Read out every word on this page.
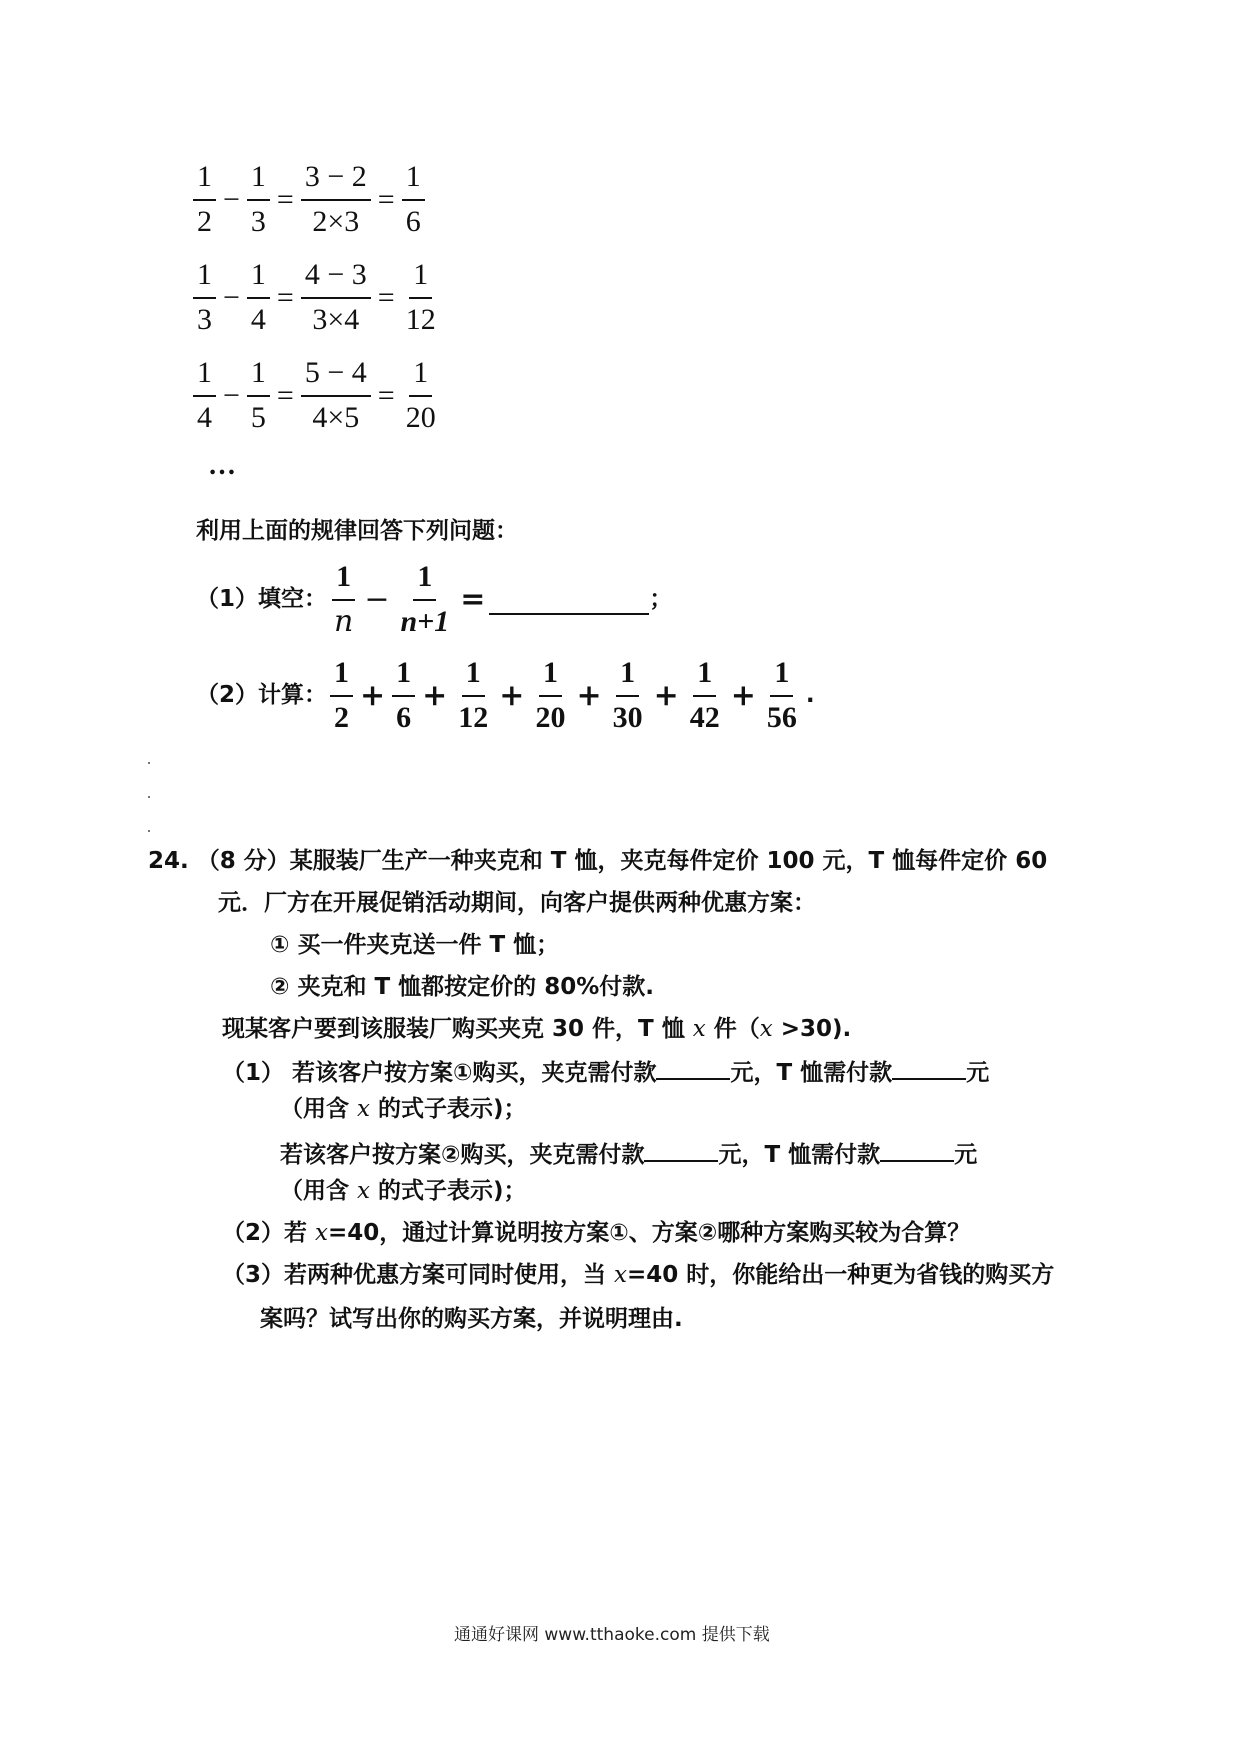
$\frac{1}{2} - \frac{1}{3} = \frac{3 - 2}{2\times 3} = \frac{1}{6}$
$\frac{1}{3} - \frac{1}{4} = \frac{4 - 3}{3\times 4} = \frac{1}{12}$
$\frac{1}{4} - \frac{1}{5} = \frac{5 - 4}{4\times 5} = \frac{1}{20}$
…
利用上面的规律回答下列问题：
（1）填空： $\frac{1}{n} - \frac{1}{n+1}$ =	；
（2）计算： $\frac{1}{2} + \frac{1}{6} + \frac{1}{12} + \frac{1}{20} + \frac{1}{30} + \frac{1}{42} + \frac{1}{56}$ .
24. （8 分）某服装厂生产一种夹克和 T 恤，夹克每件定价 100 元，T 恤每件定价 60
元．厂方在开展促销活动期间，向客户提供两种优惠方案：
① 买一件夹克送一件 T 恤；
② 夹克和 T 恤都按定价的 80%付款.
现某客户要到该服装厂购买夹克 30 件，T 恤 x 件（x >30).
（1） 若该客户按方案①购买，夹克需付款	元，T 恤需付款	元
（用含 x 的式子表示)；
若该客户按方案②购买，夹克需付款	元，T 恤需付款	元
（用含 x 的式子表示)；
（2）若 x=40，通过计算说明按方案①、方案②哪种方案购买较为合算？
（3）若两种优惠方案可同时使用，当 x=40 时，你能给出一种更为省钱的购买方
案吗？试写出你的购买方案，并说明理由.
通通好课网 www.tthaoke.com 提供下载
